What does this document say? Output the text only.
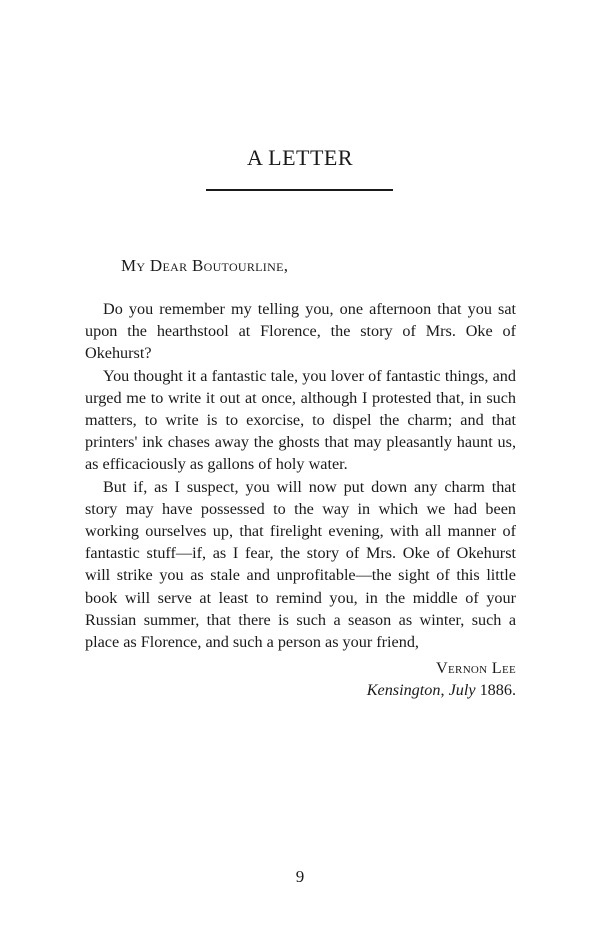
A LETTER
My Dear Boutourline,

Do you remember my telling you, one afternoon that you sat upon the hearthstool at Florence, the story of Mrs. Oke of Okehurst?

You thought it a fantastic tale, you lover of fantastic things, and urged me to write it out at once, although I protested that, in such matters, to write is to exorcise, to dispel the charm; and that printers' ink chases away the ghosts that may pleasantly haunt us, as efficaciously as gallons of holy water.

But if, as I suspect, you will now put down any charm that story may have possessed to the way in which we had been working ourselves up, that firelight evening, with all manner of fantastic stuff—if, as I fear, the story of Mrs. Oke of Okehurst will strike you as stale and unprofitable—the sight of this little book will serve at least to remind you, in the middle of your Russian summer, that there is such a season as winter, such a place as Florence, and such a person as your friend,

Vernon Lee
Kensington, July 1886.
9
